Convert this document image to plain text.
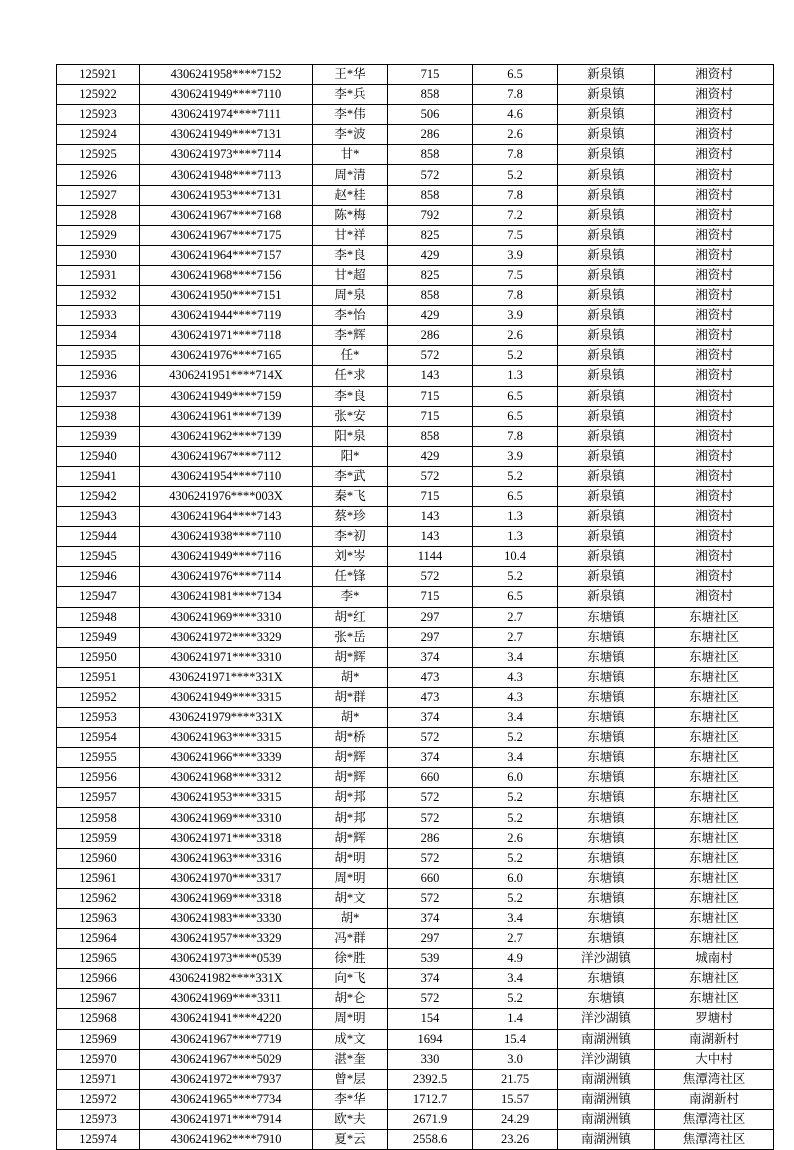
125921	4306241958****7152	王*华	715	6.5	新泉镇	湘资村
125922	4306241949****7110	李*兵	858	7.8	新泉镇	湘资村
125923	4306241974****7111	李*伟	506	4.6	新泉镇	湘资村
125924	4306241949****7131	李*波	286	2.6	新泉镇	湘资村
125925	4306241973****7114	甘*	858	7.8	新泉镇	湘资村
125926	4306241948****7113	周*清	572	5.2	新泉镇	湘资村
125927	4306241953****7131	赵*桂	858	7.8	新泉镇	湘资村
125928	4306241967****7168	陈*梅	792	7.2	新泉镇	湘资村
125929	4306241967****7175	甘*祥	825	7.5	新泉镇	湘资村
125930	4306241964****7157	李*良	429	3.9	新泉镇	湘资村
125931	4306241968****7156	甘*超	825	7.5	新泉镇	湘资村
125932	4306241950****7151	周*泉	858	7.8	新泉镇	湘资村
125933	4306241944****7119	李*怡	429	3.9	新泉镇	湘资村
125934	4306241971****7118	李*辉	286	2.6	新泉镇	湘资村
125935	4306241976****7165	任*	572	5.2	新泉镇	湘资村
125936	4306241951****714X	任*求	143	1.3	新泉镇	湘资村
125937	4306241949****7159	李*良	715	6.5	新泉镇	湘资村
125938	4306241961****7139	张*安	715	6.5	新泉镇	湘资村
125939	4306241962****7139	阳*泉	858	7.8	新泉镇	湘资村
125940	4306241967****7112	阳*	429	3.9	新泉镇	湘资村
125941	4306241954****7110	李*武	572	5.2	新泉镇	湘资村
125942	4306241976****003X	秦*飞	715	6.5	新泉镇	湘资村
125943	4306241964****7143	蔡*珍	143	1.3	新泉镇	湘资村
125944	4306241938****7110	李*初	143	1.3	新泉镇	湘资村
125945	4306241949****7116	刘*岑	1144	10.4	新泉镇	湘资村
125946	4306241976****7114	任*锋	572	5.2	新泉镇	湘资村
125947	4306241981****7134	李*	715	6.5	新泉镇	湘资村
125948	4306241969****3310	胡*红	297	2.7	东塘镇	东塘社区
125949	4306241972****3329	张*岳	297	2.7	东塘镇	东塘社区
125950	4306241971****3310	胡*辉	374	3.4	东塘镇	东塘社区
125951	4306241971****331X	胡*	473	4.3	东塘镇	东塘社区
125952	4306241949****3315	胡*群	473	4.3	东塘镇	东塘社区
125953	4306241979****331X	胡*	374	3.4	东塘镇	东塘社区
125954	4306241963****3315	胡*桥	572	5.2	东塘镇	东塘社区
125955	4306241966****3339	胡*辉	374	3.4	东塘镇	东塘社区
125956	4306241968****3312	胡*辉	660	6.0	东塘镇	东塘社区
125957	4306241953****3315	胡*邦	572	5.2	东塘镇	东塘社区
125958	4306241969****3310	胡*邦	572	5.2	东塘镇	东塘社区
125959	4306241971****3318	胡*辉	286	2.6	东塘镇	东塘社区
125960	4306241963****3316	胡*明	572	5.2	东塘镇	东塘社区
125961	4306241970****3317	周*明	660	6.0	东塘镇	东塘社区
125962	4306241969****3318	胡*文	572	5.2	东塘镇	东塘社区
125963	4306241983****3330	胡*	374	3.4	东塘镇	东塘社区
125964	4306241957****3329	冯*群	297	2.7	东塘镇	东塘社区
125965	4306241973****0539	徐*胜	539	4.9	洋沙湖镇	城南村
125966	4306241982****331X	向*飞	374	3.4	东塘镇	东塘社区
125967	4306241969****3311	胡*仑	572	5.2	东塘镇	东塘社区
125968	4306241941****4220	周*明	154	1.4	洋沙湖镇	罗塘村
125969	4306241967****7719	成*文	1694	15.4	南湖洲镇	南湖新村
125970	4306241967****5029	湛*奎	330	3.0	洋沙湖镇	大中村
125971	4306241972****7937	曾*层	2392.5	21.75	南湖洲镇	焦潭湾社区
125972	4306241965****7734	李*华	1712.7	15.57	南湖洲镇	南湖新村
125973	4306241971****7914	欧*夫	2671.9	24.29	南湖洲镇	焦潭湾社区
125974	4306241962****7910	夏*云	2558.6	23.26	南湖洲镇	焦潭湾社区
